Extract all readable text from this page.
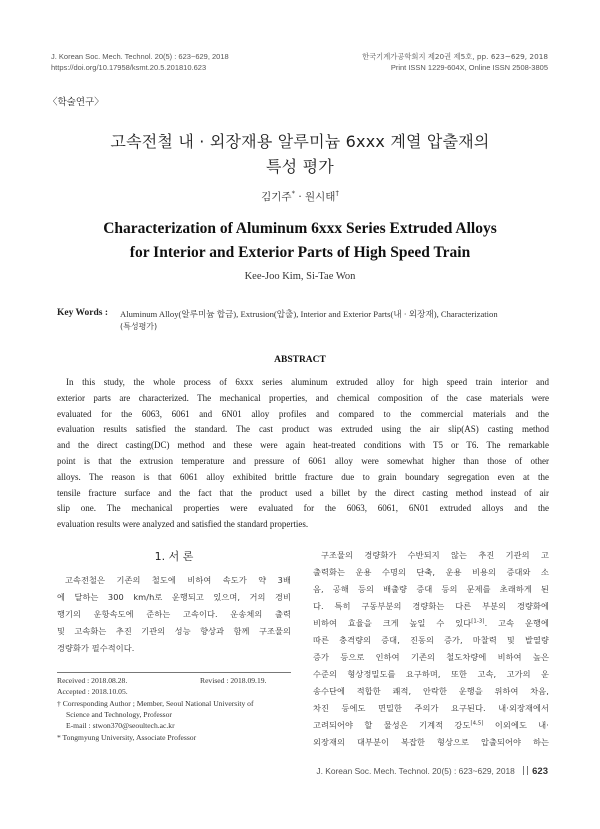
J. Korean Soc. Mech. Technol. 20(5) : 623~629, 2018
https://doi.org/10.17958/ksmt.20.5.201810.623
한국기계가공학회지 제20권 제5호, pp. 623~629, 2018
Print ISSN 1229-604X, Online ISSN 2508-3805
〈학술연구〉
고속전철 내 · 외장재용 알루미늄 6xxx 계열 압출재의
특성 평가
김기주* · 원시태†
Characterization of Aluminum 6xxx Series Extruded Alloys
for Interior and Exterior Parts of High Speed Train
Kee-Joo Kim, Si-Tae Won
Key Words : Aluminum Alloy(알루미늄 합금), Extrusion(압출), Interior and Exterior Parts(내 · 외장재), Characterization
(특성평가)
ABSTRACT
In this study, the whole process of 6xxx series aluminum extruded alloy for high speed train interior and
exterior parts are characterized. The mechanical properties, and chemical composition of the case materials were
evaluated for the 6063, 6061 and 6N01 alloy profiles and compared to the commercial materials and the
evaluation results satisfied the standard. The cast product was extruded using the air slip(AS) casting method
and the direct casting(DC) method and these were again heat-treated conditions with T5 or T6. The remarkable
point is that the extrusion temperature and pressure of 6061 alloy were somewhat higher than those of other
alloys. The reason is that 6061 alloy exhibited brittle fracture due to grain boundary segregation even at the
tensile fracture surface and the fact that the product used a billet by the direct casting method instead of air
slip one. The mechanical properties were evaluated for the 6063, 6061, 6N01 extruded alloys and the
evaluation results were analyzed and satisfied the standard properties.
1. 서 론
고속전철은 기존의 철도에 비하여 속도가 약 3배
에 달하는 300 km/h로 운행되고 있으며, 거의 경비
행기의 운항속도에 준하는 고속이다. 운송체의 출력
및 고속화는 추진 기관의 성능 향상과 함께 구조물의
경량화가 필수적이다.
Received : 2018.08.28.	Revised : 2018.09.19.
Accepted : 2018.10.05.
† Corresponding Author ; Member, Seoul National University of
Science and Technology, Professor
E-mail : stwon370@seoultech.ac.kr
* Tongmyung University, Associate Professor
구조물의 경량화가 수반되지 않는 추진 기관의 고
출력화는 운용 수명의 단축, 운용 비용의 증대와 소
음, 공해 등의 배출량 증대 등의 문제를 초래하게 된
다. 특히 구동부분의 경량화는 다른 부분의 경량화에
비하여 효율을 크게 높일 수 있다[1-3]. 고속 운행에
따른 충격량의 증대, 진동의 증가, 마찰력 및 발열량
증가 등으로 인하여 기존의 철도차량에 비하여 높은
수준의 형상정밀도를 요구하며, 또한 고속, 고가의 운
송수단에 적합한 쾌적, 안락한 운행을 위하여 차음,
차진 등에도 면밀한 주의가 요구된다. 내·외장재에서
고려되어야 할 물성은 기계적 강도[4,5] 이외에도 내·
외장재의 대부분이 복잡한 형상으로 압출되어야 하는
J. Korean Soc. Mech. Technol. 20(5) : 623~629, 2018 623
